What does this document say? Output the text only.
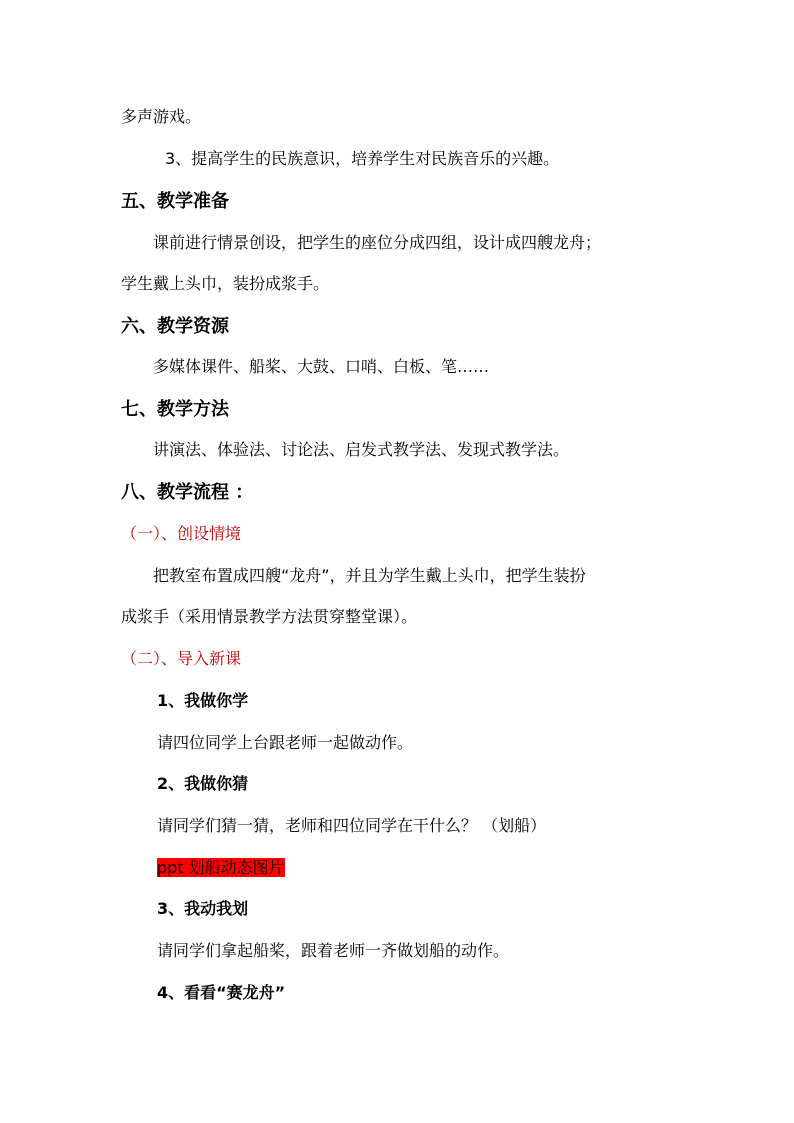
多声游戏。
3、提高学生的民族意识，培养学生对民族音乐的兴趣。
五、教学准备
课前进行情景创设，把学生的座位分成四组，设计成四艘龙舟；
学生戴上头巾，装扮成浆手。
六、教学资源
多媒体课件、船桨、大鼓、口哨、白板、笔……
七、教学方法
讲演法、体验法、讨论法、启发式教学法、发现式教学法。
八、教学流程 ：
（一）、创设情境
把教室布置成四艘“龙舟”，并且为学生戴上头巾，把学生装扮
成浆手（采用情景教学方法贯穿整堂课）。
（二）、导入新课
1、我做你学
请四位同学上台跟老师一起做动作。
2、我做你猜
请同学们猜一猜，老师和四位同学在干什么？ （划船）
ppt 划船动态图片
3、我动我划
请同学们拿起船桨，跟着老师一齐做划船的动作。
4、看看“赛龙舟”
